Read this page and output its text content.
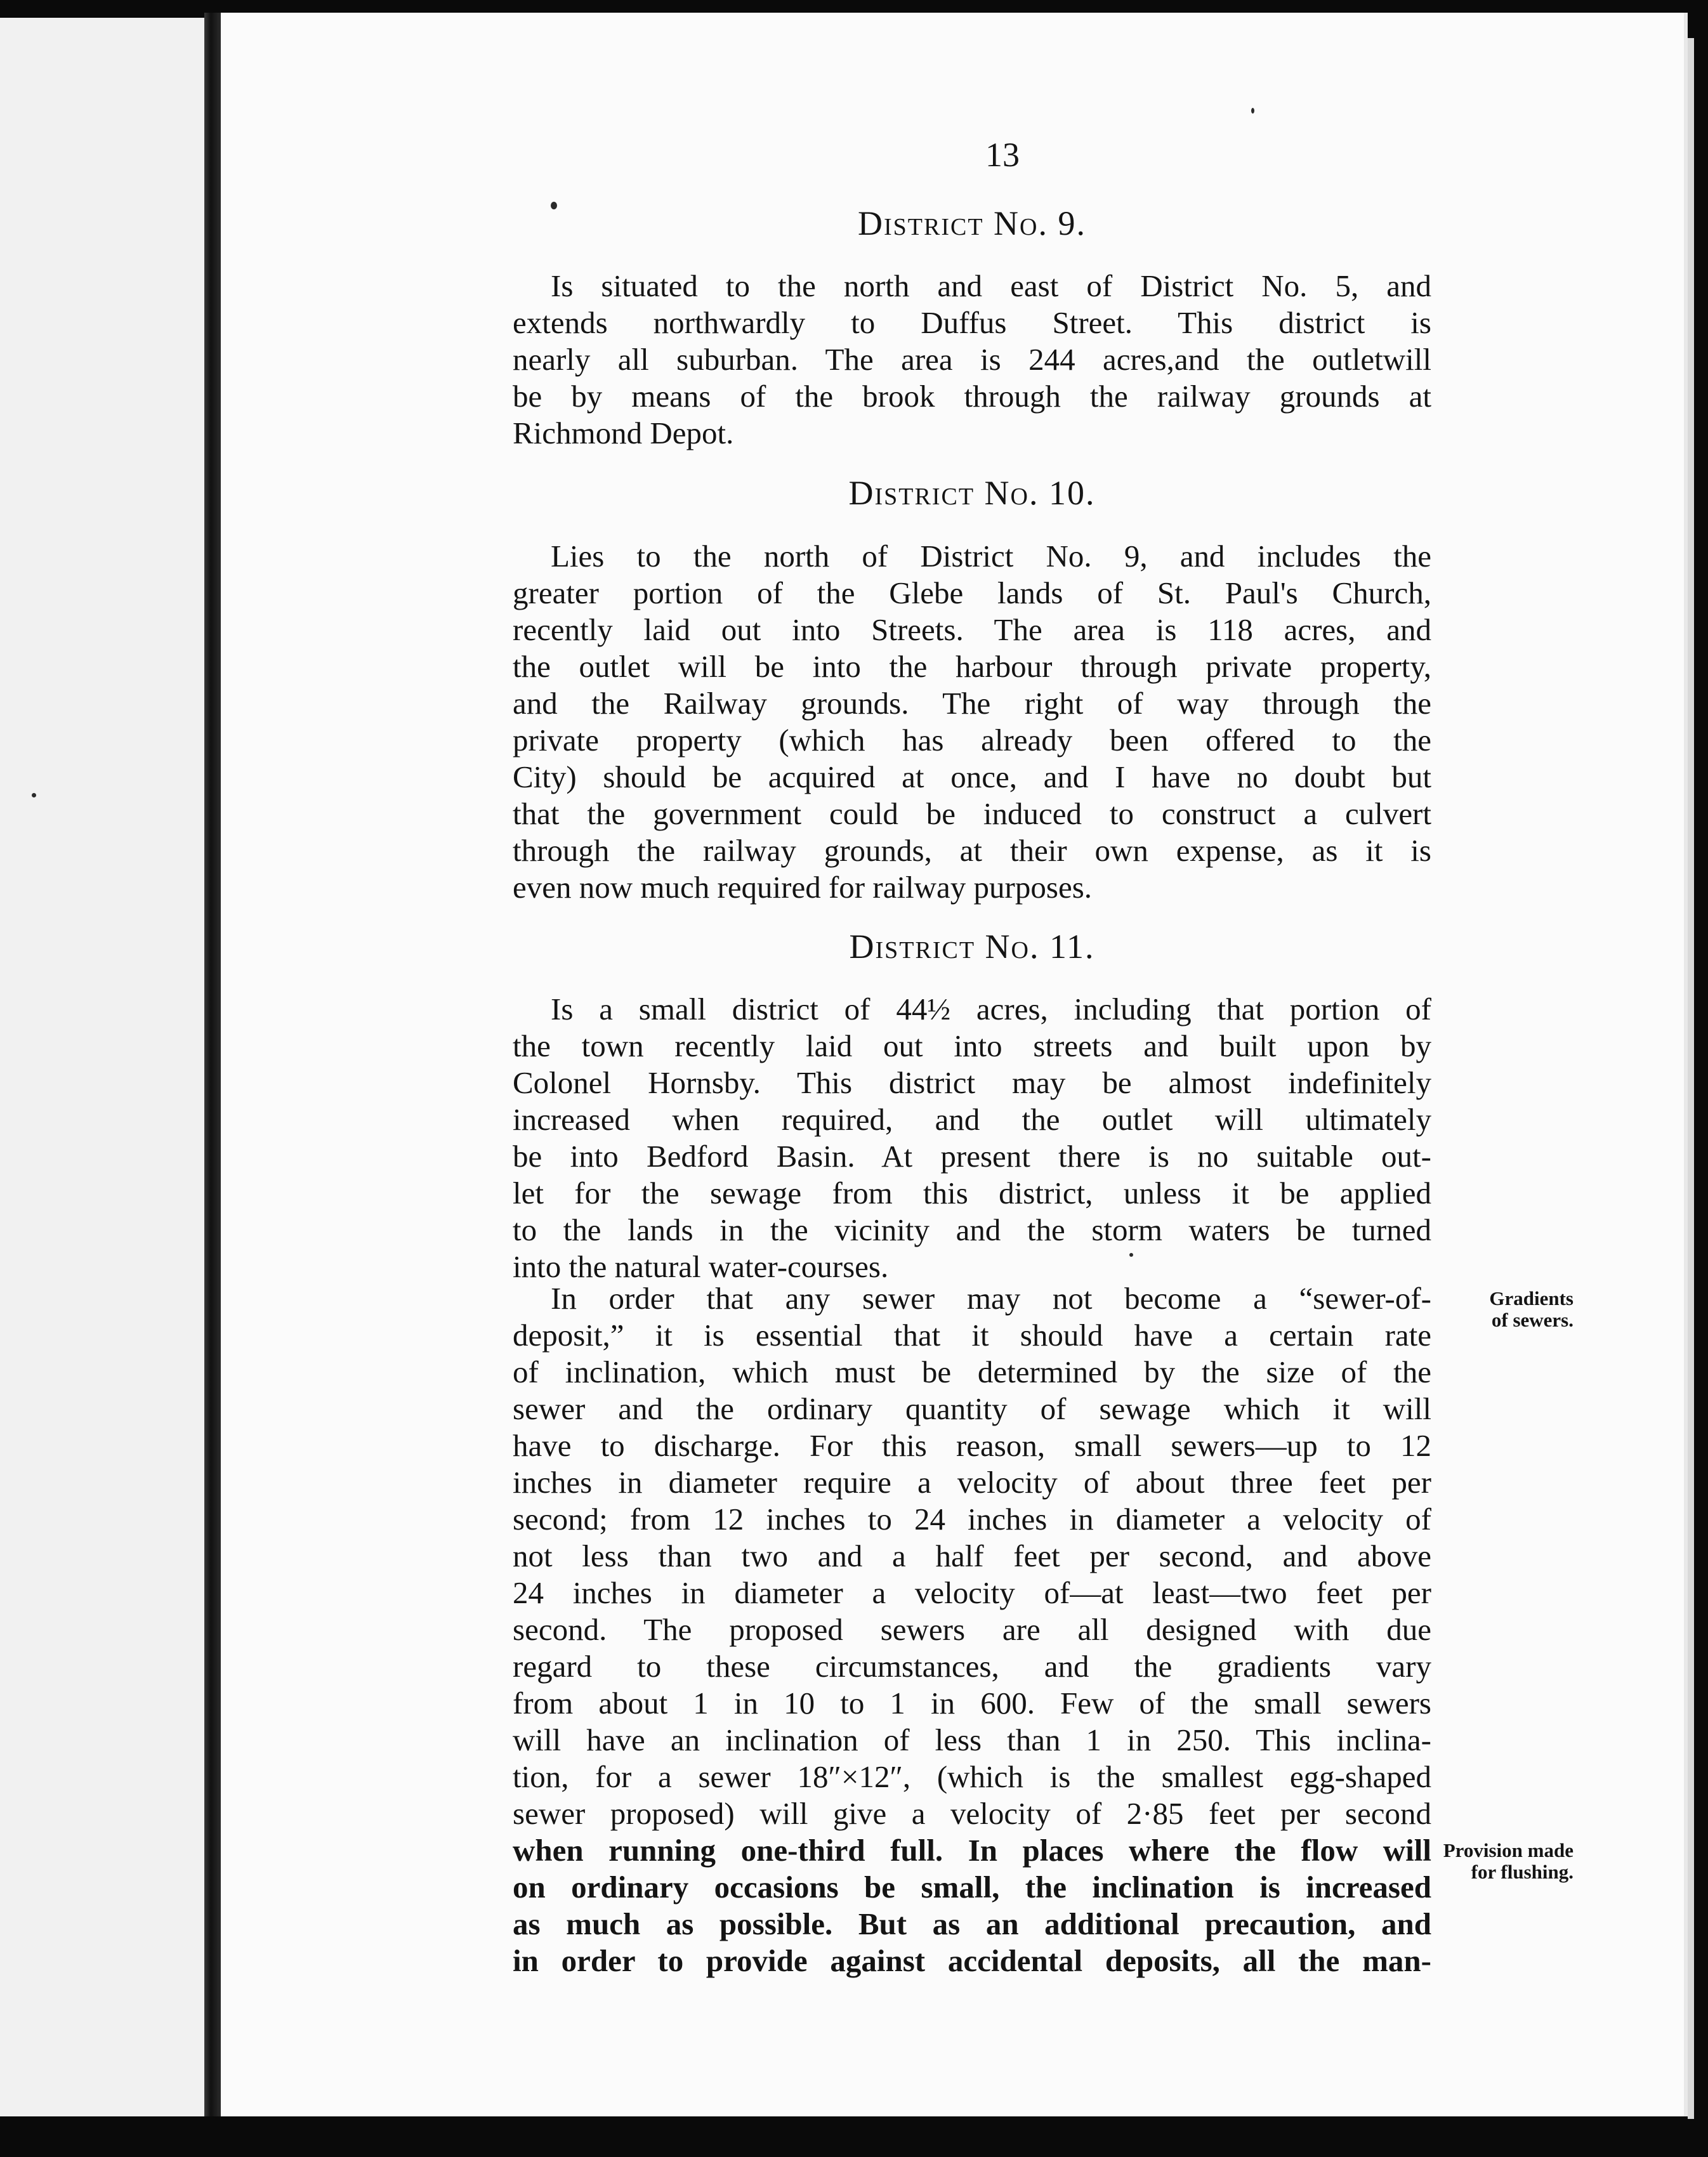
13

District No. 9.

Is situated to the north and east of District No. 5, and

extends northwardly to Duffus Street. This district is

nearly all suburban. The area is 244 acres,and the outletwill

be by means of the brook through the railway grounds at

Richmond Depot.

District No. 10.

Lies to the north of District No. 9, and includes the

greater portion of the Glebe lands of St. Paul's Church,

recently laid out into Streets. The area is 118 acres, and

the outlet will be into the harbour through private property,

and the Railway grounds. The right of way through the

private property (which has already been offered to the

City) should be acquired at once, and I have no doubt but

that the government could be induced to construct a culvert

through the railway grounds, at their own expense, as it is

even now much required for railway purposes.

District No. 11.

Is a small district of 44½ acres, including that portion of

the town recently laid out into streets and built upon by

Colonel Hornsby. This district may be almost indefinitely

increased when required, and the outlet will ultimately

be into Bedford Basin. At present there is no suitable out-

let for the sewage from this district, unless it be applied

to the lands in the vicinity and the storm waters be turned

into the natural water-courses.

In order that any sewer may not become a “sewer-of-

deposit,” it is essential that it should have a certain rate

of inclination, which must be determined by the size of the

sewer and the ordinary quantity of sewage which it will

have to discharge. For this reason, small sewers—up to 12

inches in diameter require a velocity of about three feet per

second; from 12 inches to 24 inches in diameter a velocity of

not less than two and a half feet per second, and above

24 inches in diameter a velocity of—at least—two feet per

second. The proposed sewers are all designed with due

regard to these circumstances, and the gradients vary

from about 1 in 10 to 1 in 600. Few of the small sewers

will have an inclination of less than 1 in 250. This inclina-

tion, for a sewer 18″×12″, (which is the smallest egg-shaped

sewer proposed) will give a velocity of 2·85 feet per second

when running one-third full. In places where the flow will

on ordinary occasions be small, the inclination is increased

as much as possible. But as an additional precaution, and

in order to provide against accidental deposits, all the man-

Gradients

of sewers.

Provision made

for flushing.
